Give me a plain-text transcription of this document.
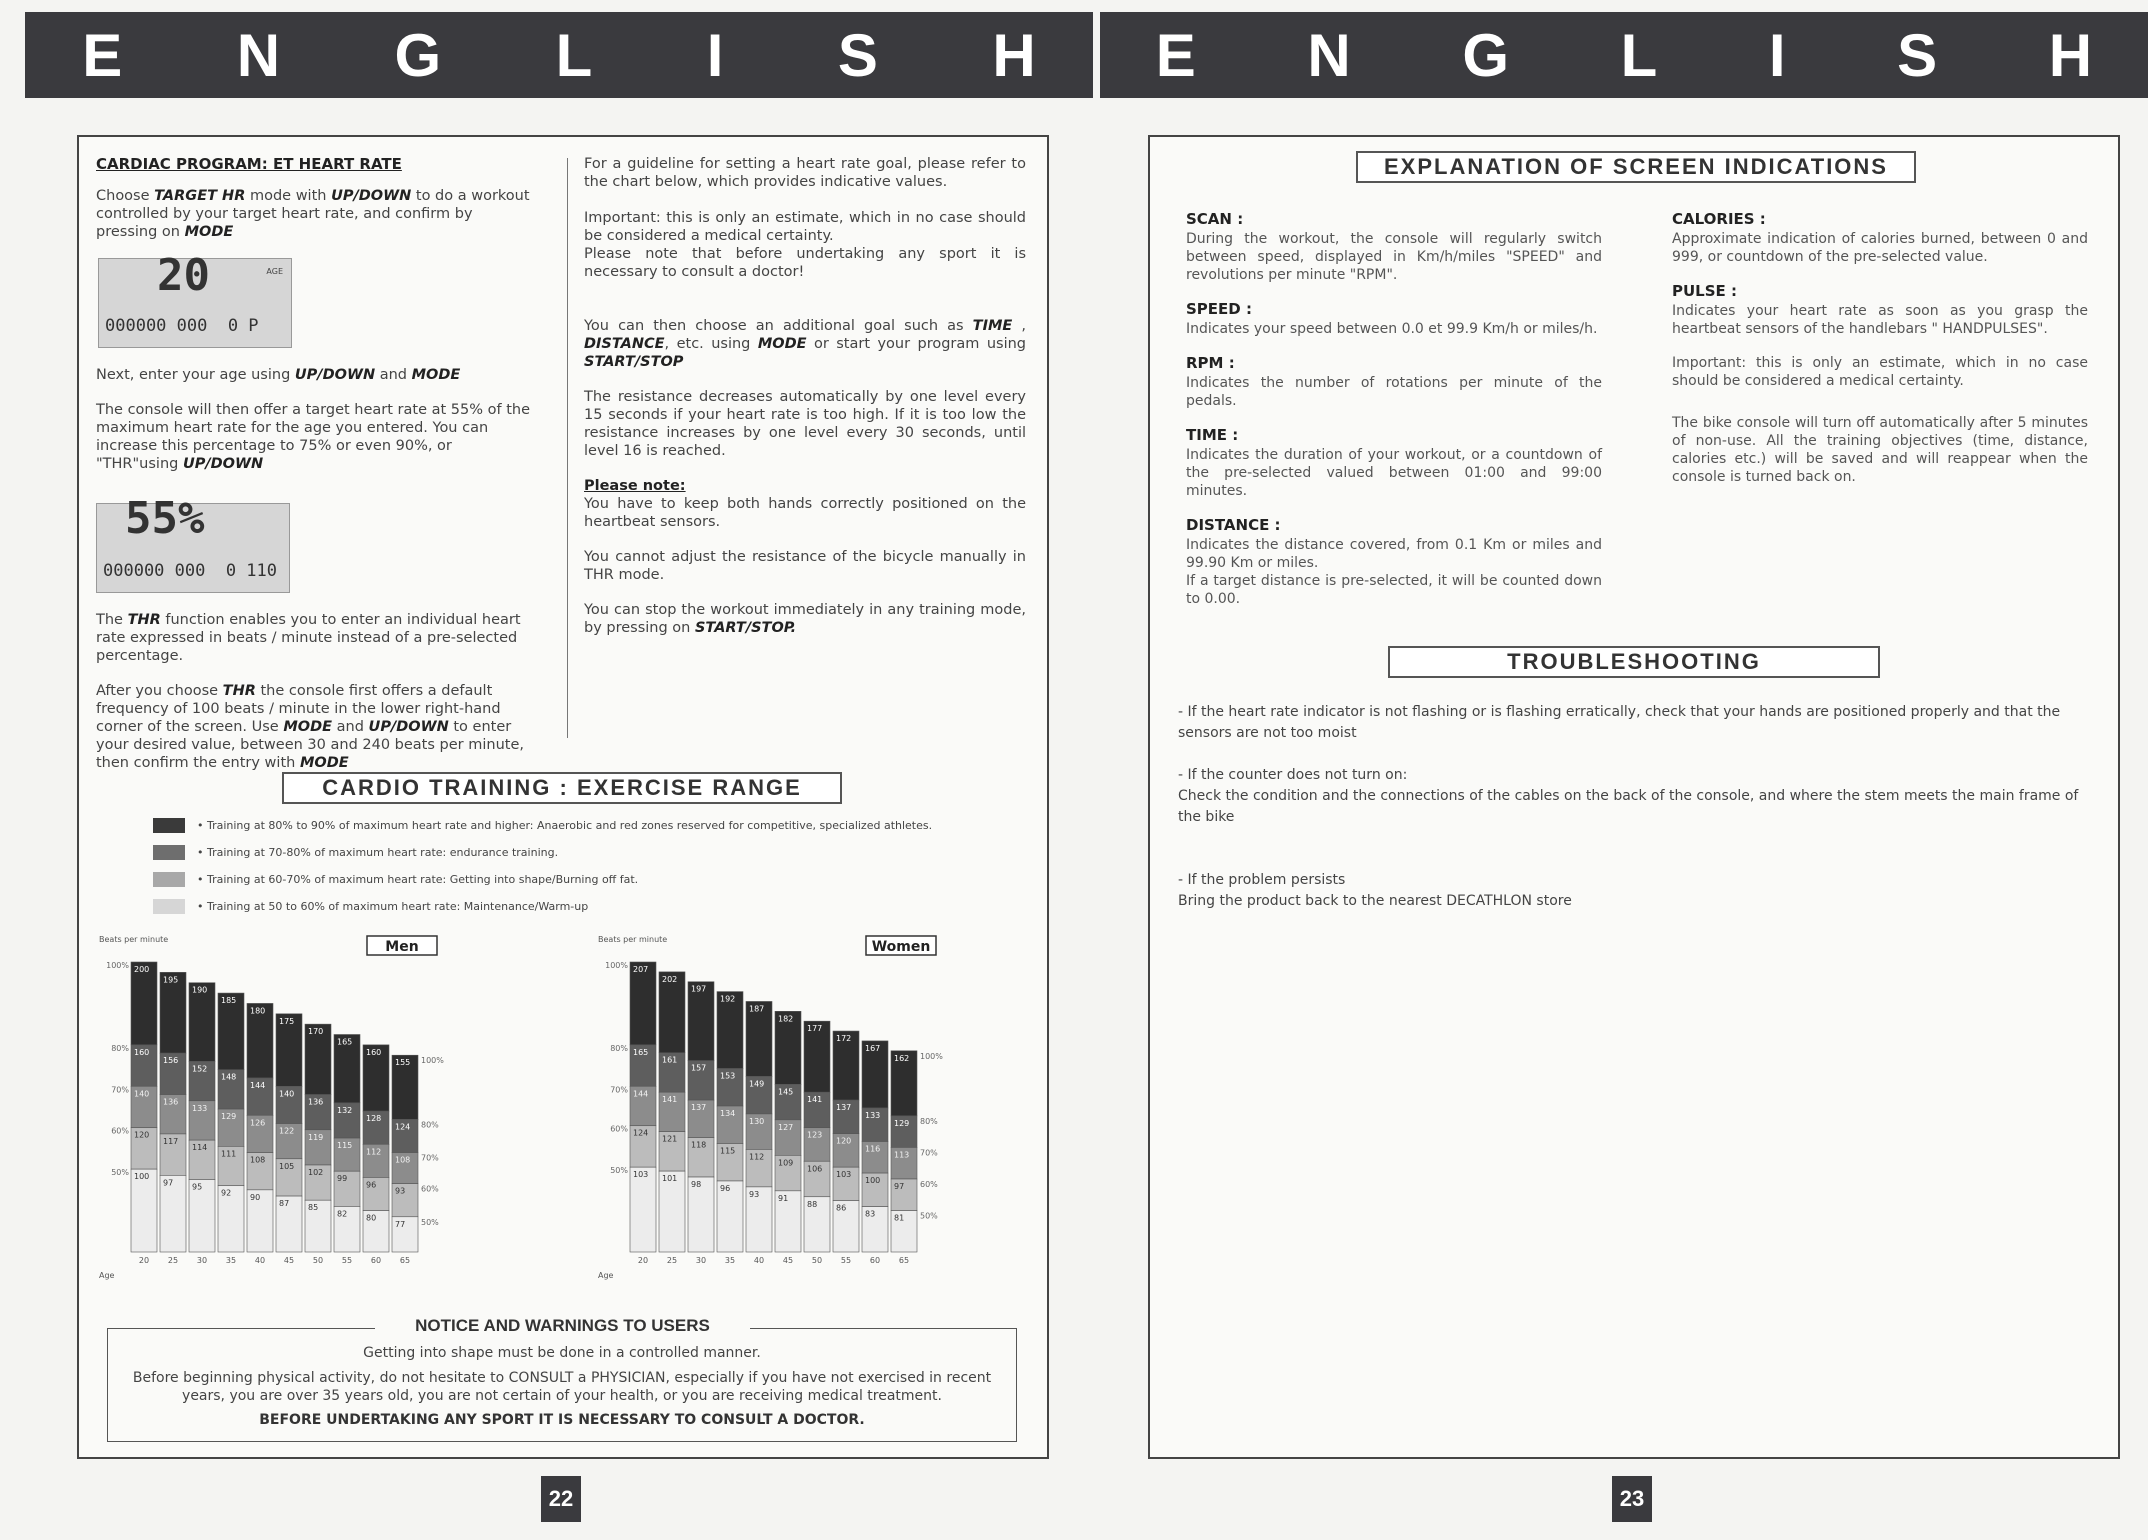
E N G L I S H E N G L I S H
CARDIAC PROGRAM: ET HEART RATE

Choose TARGET HR mode with UP/DOWN to do a workout controlled by your target heart rate, and confirm by pressing on MODE

20	AGE
000000 000  0 P

Next, enter your age using UP/DOWN and MODE

The console will then offer a target heart rate at 55% of the maximum heart rate for the age you entered. You can increase this percentage to 75% or even 90%, or "THR"using UP/DOWN

55%
000000 000  0 110

The THR function enables you to enter an individual heart rate expressed in beats / minute instead of a pre-selected percentage.

After you choose THR the console first offers a default frequency of 100 beats / minute in the lower right-hand corner of the screen. Use MODE and UP/DOWN to enter your desired value, between 30 and 240 beats per minute, then confirm the entry with MODE

For a guideline for setting a heart rate goal, please refer to the chart below, which provides indicative values.

Important: this is only an estimate, which in no case should be considered a medical certainty.

Please note that before undertaking any sport it is necessary to consult a doctor!

You can then choose an additional goal such as TIME , DISTANCE, etc. using MODE or start your program using START/STOP

The resistance decreases automatically by one level every 15 seconds if your heart rate is too high. If it is too low the resistance increases by one level every 30 seconds, until level 16 is reached.

Please note:

You have to keep both hands correctly positioned on the heartbeat sensors.

You cannot adjust the resistance of the bicycle manually in THR mode.

You can stop the workout immediately in any training mode, by pressing on START/STOP.

CARDIO TRAINING : EXERCISE RANGE
• Training at 80% to 90% of maximum heart rate and higher: Anaerobic and red zones reserved for competitive, specialized athletes.
• Training at 70-80% of maximum heart rate: endurance training.
• Training at 60-70% of maximum heart rate: Getting into shape/Burning off fat.
• Training at 50 to 60% of maximum heart rate: Maintenance/Warm-up
Beats per minute	Men
200
160
140
120
100
20
195
156
136
117
97
25
190
152
133
114
95
30
185
148
129
111
92
35
180
144
126
108
90
40
175
140
122
105
87
45
170
136
119
102
85
50
165
132
115
99
82
55
160
128
112
96
80
60
155
124
108
93
77
65
100%
80%
70%
60%
50%
100%
80%
70%
60%
50%
Age
Beats per minute	Women
207
165
144
124
103
20
202
161
141
121
101
25
197
157
137
118
98
30
192
153
134
115
96
35
187
149
130
112
93
40
182
145
127
109
91
45
177
141
123
106
88
50
172
137
120
103
86
55
167
133
116
100
83
60
162
129
113
97
81
65
100%
80%
70%
60%
50%
100%
80%
70%
60%
50%
Age
NOTICE AND WARNINGS TO USERS
Getting into shape must be done in a controlled manner.
Before beginning physical activity, do not hesitate to CONSULT a PHYSICIAN, especially if you have not exercised in recent years, you are over 35 years old, you are not certain of your health, or you are receiving medical treatment.
BEFORE UNDERTAKING ANY SPORT IT IS NECESSARY TO CONSULT A DOCTOR.
22
EXPLANATION OF SCREEN INDICATIONS
SCAN :
During the workout, the console will regularly switch between speed, displayed in Km/h/miles "SPEED" and revolutions per minute "RPM".
SPEED :
Indicates your speed between 0.0 et 99.9 Km/h or miles/h.
RPM :
Indicates the number of rotations per minute of the pedals.
TIME :
Indicates the duration of your workout, or a countdown of the pre-selected valued between 01:00 and 99:00 minutes.
DISTANCE :
Indicates the distance covered, from 0.1 Km or miles and 99.90 Km or miles.
If a target distance is pre-selected, it will be counted down to 0.00.
CALORIES :
Approximate indication of calories burned, between 0 and 999, or countdown of the pre-selected value.
PULSE :
Indicates your heart rate as soon as you grasp the heartbeat sensors of the handlebars " HANDPULSES".
Important: this is only an estimate, which in no case should be considered a medical certainty.
The bike console will turn off automatically after 5 minutes of non-use. All the training objectives (time, distance, calories etc.) will be saved and will reappear when the console is turned back on.
TROUBLESHOOTING
- If the heart rate indicator is not flashing or is flashing erratically, check that your hands are positioned properly and that the sensors are not too moist
- If the counter does not turn on:
Check the condition and the connections of the cables on the back of the console, and where the stem meets the main frame of the bike
- If the problem persists
Bring the product back to the nearest DECATHLON store
23
